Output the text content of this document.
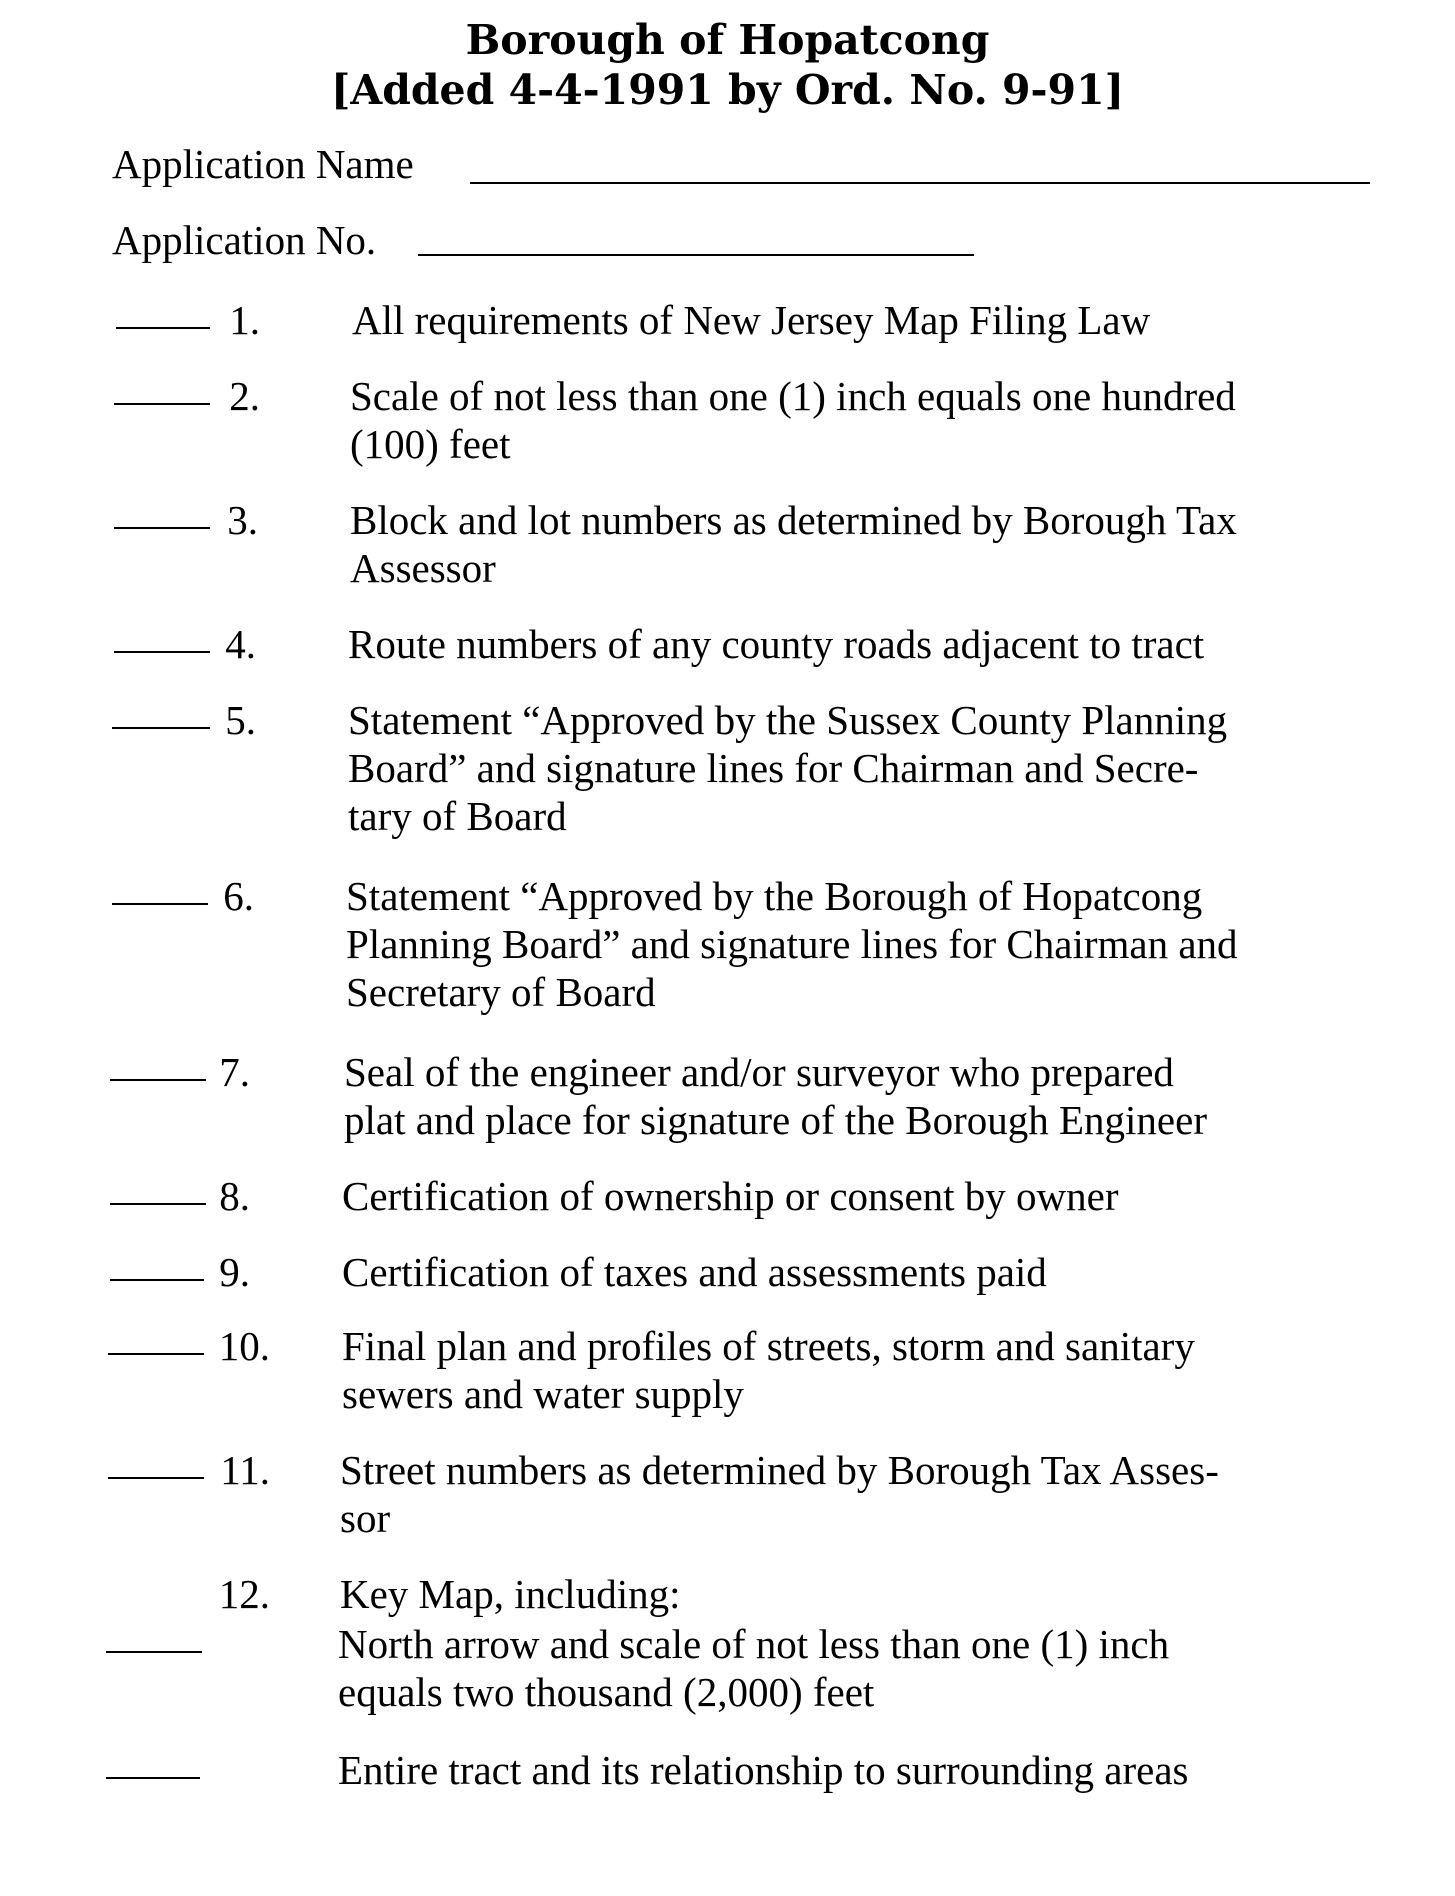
Borough of Hopatcong
[Added 4-4-1991 by Ord. No. 9-91]
Application Name
Application No.
1. All requirements of New Jersey Map Filing Law
2. Scale of not less than one (1) inch equals one hundred
(100) feet
3. Block and lot numbers as determined by Borough Tax
Assessor
4. Route numbers of any county roads adjacent to tract
5. Statement “Approved by the Sussex County Planning
Board” and signature lines for Chairman and Secre-
tary of Board
6. Statement “Approved by the Borough of Hopatcong
Planning Board” and signature lines for Chairman and
Secretary of Board
7. Seal of the engineer and/or surveyor who prepared
plat and place for signature of the Borough Engineer
8. Certification of ownership or consent by owner
9. Certification of taxes and assessments paid
10. Final plan and profiles of streets, storm and sanitary
sewers and water supply
11. Street numbers as determined by Borough Tax Asses-
sor
12. Key Map, including:
North arrow and scale of not less than one (1) inch
equals two thousand (2,000) feet
Entire tract and its relationship to surrounding areas
